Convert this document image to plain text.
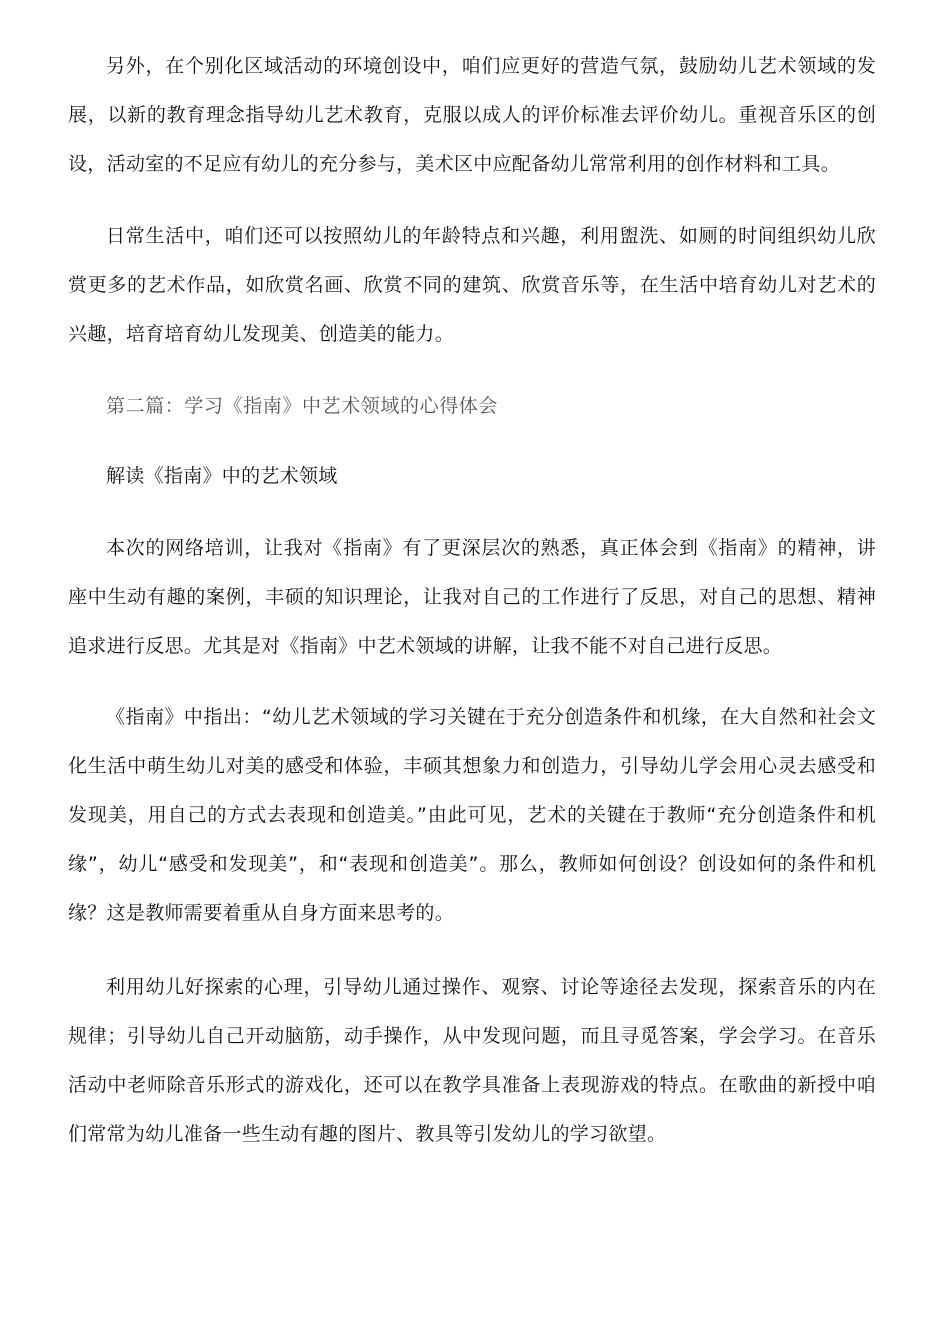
另外，在个别化区域活动的环境创设中，咱们应更好的营造气氛，鼓励幼儿艺术领域的发展，以新的教育理念指导幼儿艺术教育，克服以成人的评价标准去评价幼儿。重视音乐区的创设，活动室的不足应有幼儿的充分参与，美术区中应配备幼儿常常利用的创作材料和工具。

日常生活中，咱们还可以按照幼儿的年龄特点和兴趣，利用盥洗、如厕的时间组织幼儿欣赏更多的艺术作品，如欣赏名画、欣赏不同的建筑、欣赏音乐等，在生活中培育幼儿对艺术的兴趣，培育培育幼儿发现美、创造美的能力。

第二篇：学习《指南》中艺术领域的心得体会

解读《指南》中的艺术领域

本次的网络培训，让我对《指南》有了更深层次的熟悉，真正体会到《指南》的精神，讲座中生动有趣的案例，丰硕的知识理论，让我对自己的工作进行了反思，对自己的思想、精神追求进行反思。尤其是对《指南》中艺术领域的讲解，让我不能不对自己进行反思。

《指南》中指出：“幼儿艺术领域的学习关键在于充分创造条件和机缘，在大自然和社会文化生活中萌生幼儿对美的感受和体验，丰硕其想象力和创造力，引导幼儿学会用心灵去感受和发现美，用自己的方式去表现和创造美。”由此可见，艺术的关键在于教师“充分创造条件和机缘”，幼儿“感受和发现美”，和“表现和创造美”。那么，教师如何创设？创设如何的条件和机缘？这是教师需要着重从自身方面来思考的。

利用幼儿好探索的心理，引导幼儿通过操作、观察、讨论等途径去发现，探索音乐的内在规律；引导幼儿自己开动脑筋，动手操作，从中发现问题，而且寻觅答案，学会学习。在音乐活动中老师除音乐形式的游戏化，还可以在教学具准备上表现游戏的特点。在歌曲的新授中咱们常常为幼儿准备一些生动有趣的图片、教具等引发幼儿的学习欲望。
